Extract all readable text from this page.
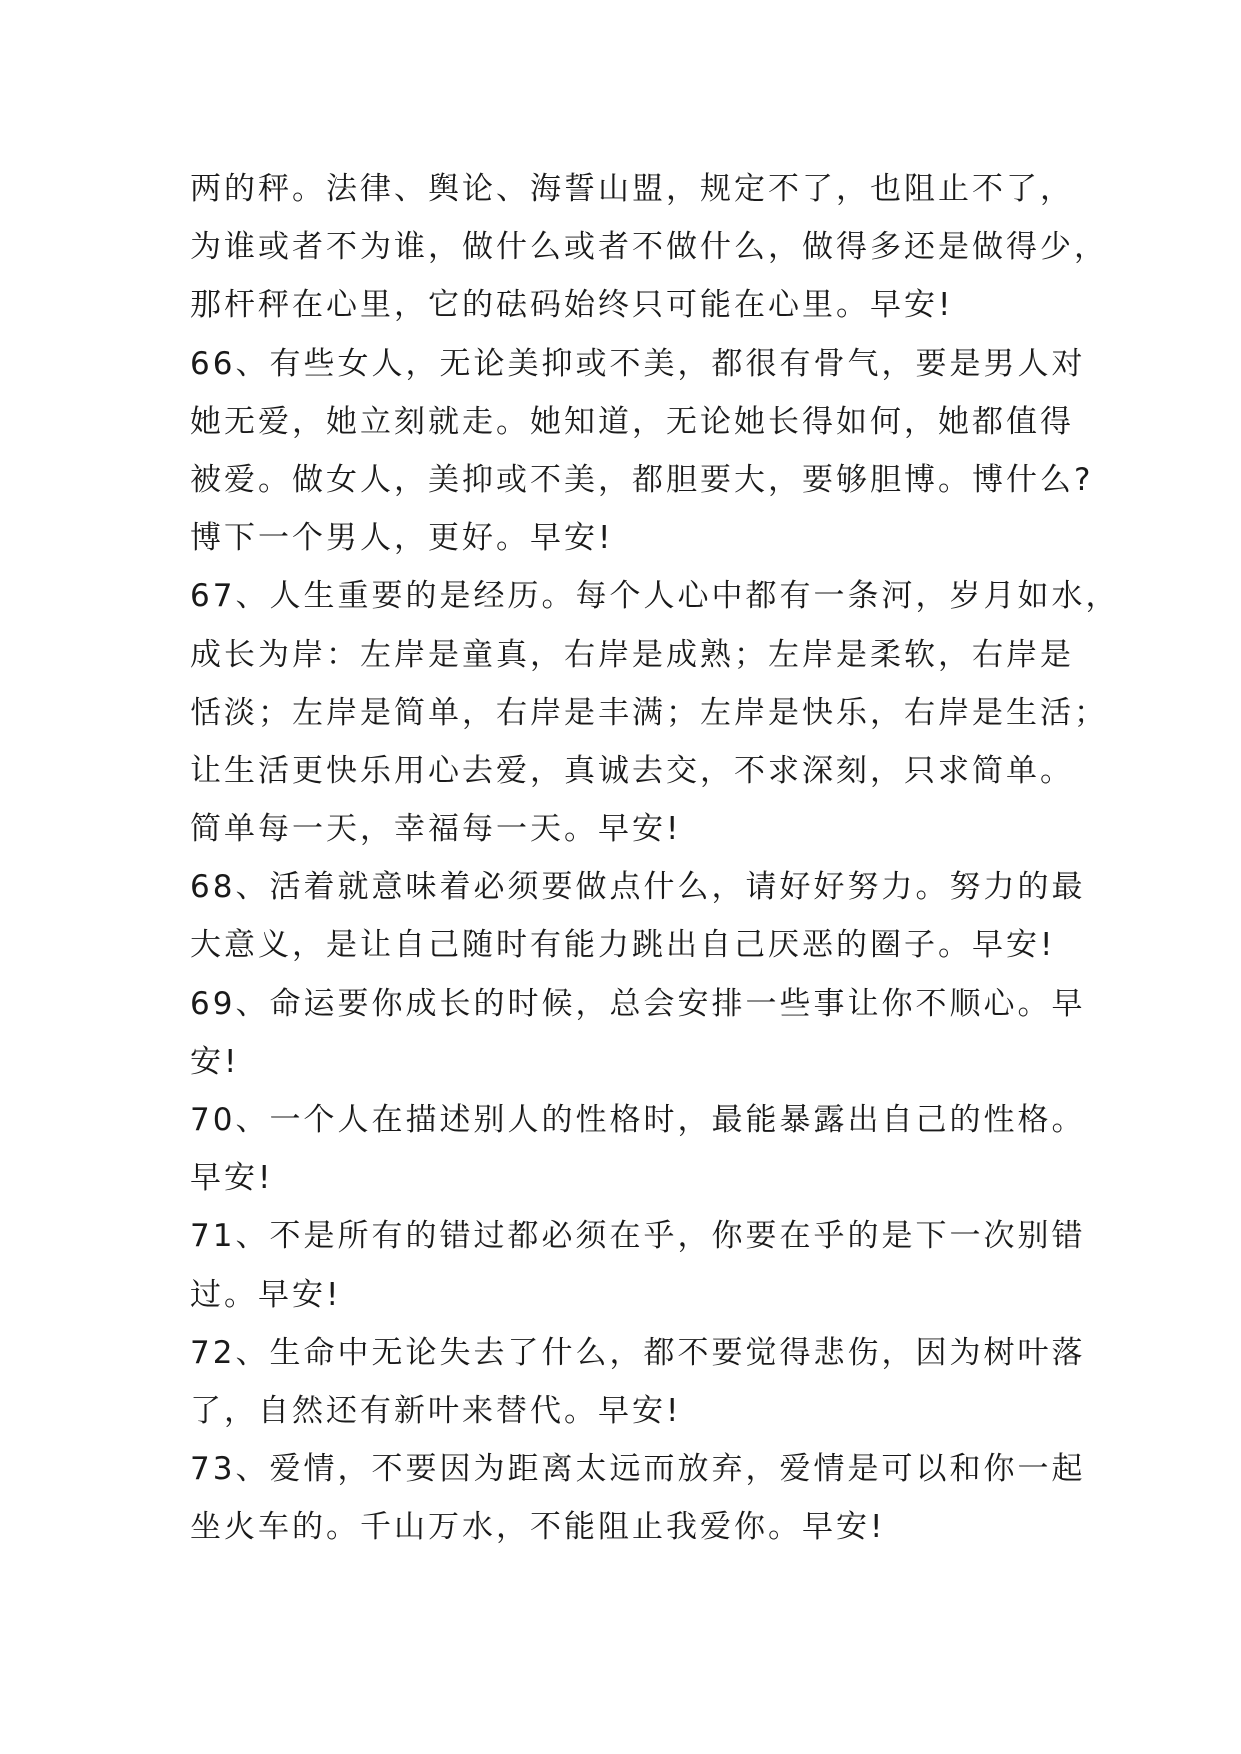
两的秤。法律、舆论、海誓山盟，规定不了，也阻止不了，
为谁或者不为谁，做什么或者不做什么，做得多还是做得少，
那杆秤在心里，它的砝码始终只可能在心里。早安!
66、有些女人，无论美抑或不美，都很有骨气，要是男人对
她无爱，她立刻就走。她知道，无论她长得如何，她都值得
被爱。做女人，美抑或不美，都胆要大，要够胆博。博什么?
博下一个男人，更好。早安!
67、人生重要的是经历。每个人心中都有一条河，岁月如水，
成长为岸：左岸是童真，右岸是成熟；左岸是柔软，右岸是
恬淡；左岸是简单，右岸是丰满；左岸是快乐，右岸是生活；
让生活更快乐用心去爱，真诚去交，不求深刻，只求简单。
简单每一天，幸福每一天。早安!
68、活着就意味着必须要做点什么，请好好努力。努力的最
大意义，是让自己随时有能力跳出自己厌恶的圈子。早安!
69、命运要你成长的时候，总会安排一些事让你不顺心。早
安!
70、一个人在描述别人的性格时，最能暴露出自己的性格。
早安!
71、不是所有的错过都必须在乎，你要在乎的是下一次别错
过。早安!
72、生命中无论失去了什么，都不要觉得悲伤，因为树叶落
了，自然还有新叶来替代。早安!
73、爱情，不要因为距离太远而放弃，爱情是可以和你一起
坐火车的。千山万水，不能阻止我爱你。早安!
